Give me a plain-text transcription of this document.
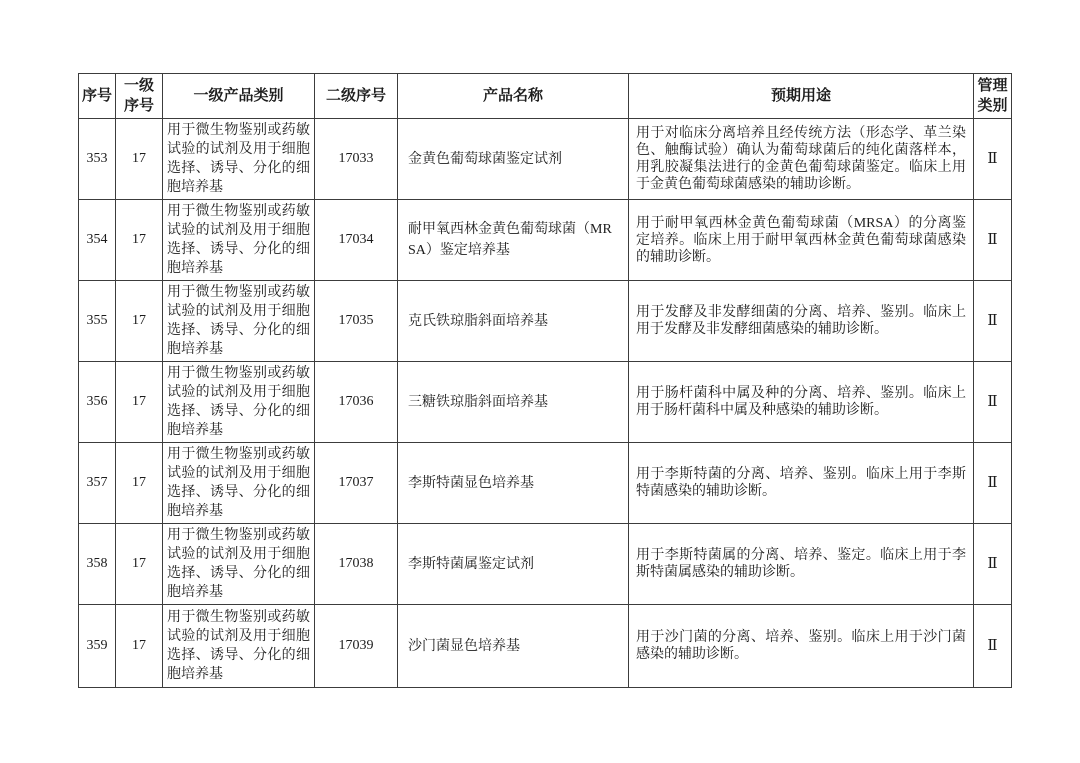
序号	一级序号	一级产品类别	二级序号	产品名称	预期用途	管理类别
353	17	用于微生物鉴别或药敏试验的试剂及用于细胞选择、诱导、分化的细胞培养基	17033	金黄色葡萄球菌鉴定试剂	用于对临床分离培养且经传统方法（形态学、革兰染色、触酶试验）确认为葡萄球菌后的纯化菌落样本，用乳胶凝集法进行的金黄色葡萄球菌鉴定。临床上用于金黄色葡萄球菌感染的辅助诊断。	Ⅱ
354	17	用于微生物鉴别或药敏试验的试剂及用于细胞选择、诱导、分化的细胞培养基	17034	耐甲氧西林金黄色葡萄球菌（MRSA）鉴定培养基	用于耐甲氧西林金黄色葡萄球菌（MRSA）的分离鉴定培养。临床上用于耐甲氧西林金黄色葡萄球菌感染的辅助诊断。	Ⅱ
355	17	用于微生物鉴别或药敏试验的试剂及用于细胞选择、诱导、分化的细胞培养基	17035	克氏铁琼脂斜面培养基	用于发酵及非发酵细菌的分离、培养、鉴别。临床上用于发酵及非发酵细菌感染的辅助诊断。	Ⅱ
356	17	用于微生物鉴别或药敏试验的试剂及用于细胞选择、诱导、分化的细胞培养基	17036	三糖铁琼脂斜面培养基	用于肠杆菌科中属及种的分离、培养、鉴别。临床上用于肠杆菌科中属及种感染的辅助诊断。	Ⅱ
357	17	用于微生物鉴别或药敏试验的试剂及用于细胞选择、诱导、分化的细胞培养基	17037	李斯特菌显色培养基	用于李斯特菌的分离、培养、鉴别。临床上用于李斯特菌感染的辅助诊断。	Ⅱ
358	17	用于微生物鉴别或药敏试验的试剂及用于细胞选择、诱导、分化的细胞培养基	17038	李斯特菌属鉴定试剂	用于李斯特菌属的分离、培养、鉴定。临床上用于李斯特菌属感染的辅助诊断。	Ⅱ
359	17	用于微生物鉴别或药敏试验的试剂及用于细胞选择、诱导、分化的细胞培养基	17039	沙门菌显色培养基	用于沙门菌的分离、培养、鉴别。临床上用于沙门菌感染的辅助诊断。	Ⅱ
